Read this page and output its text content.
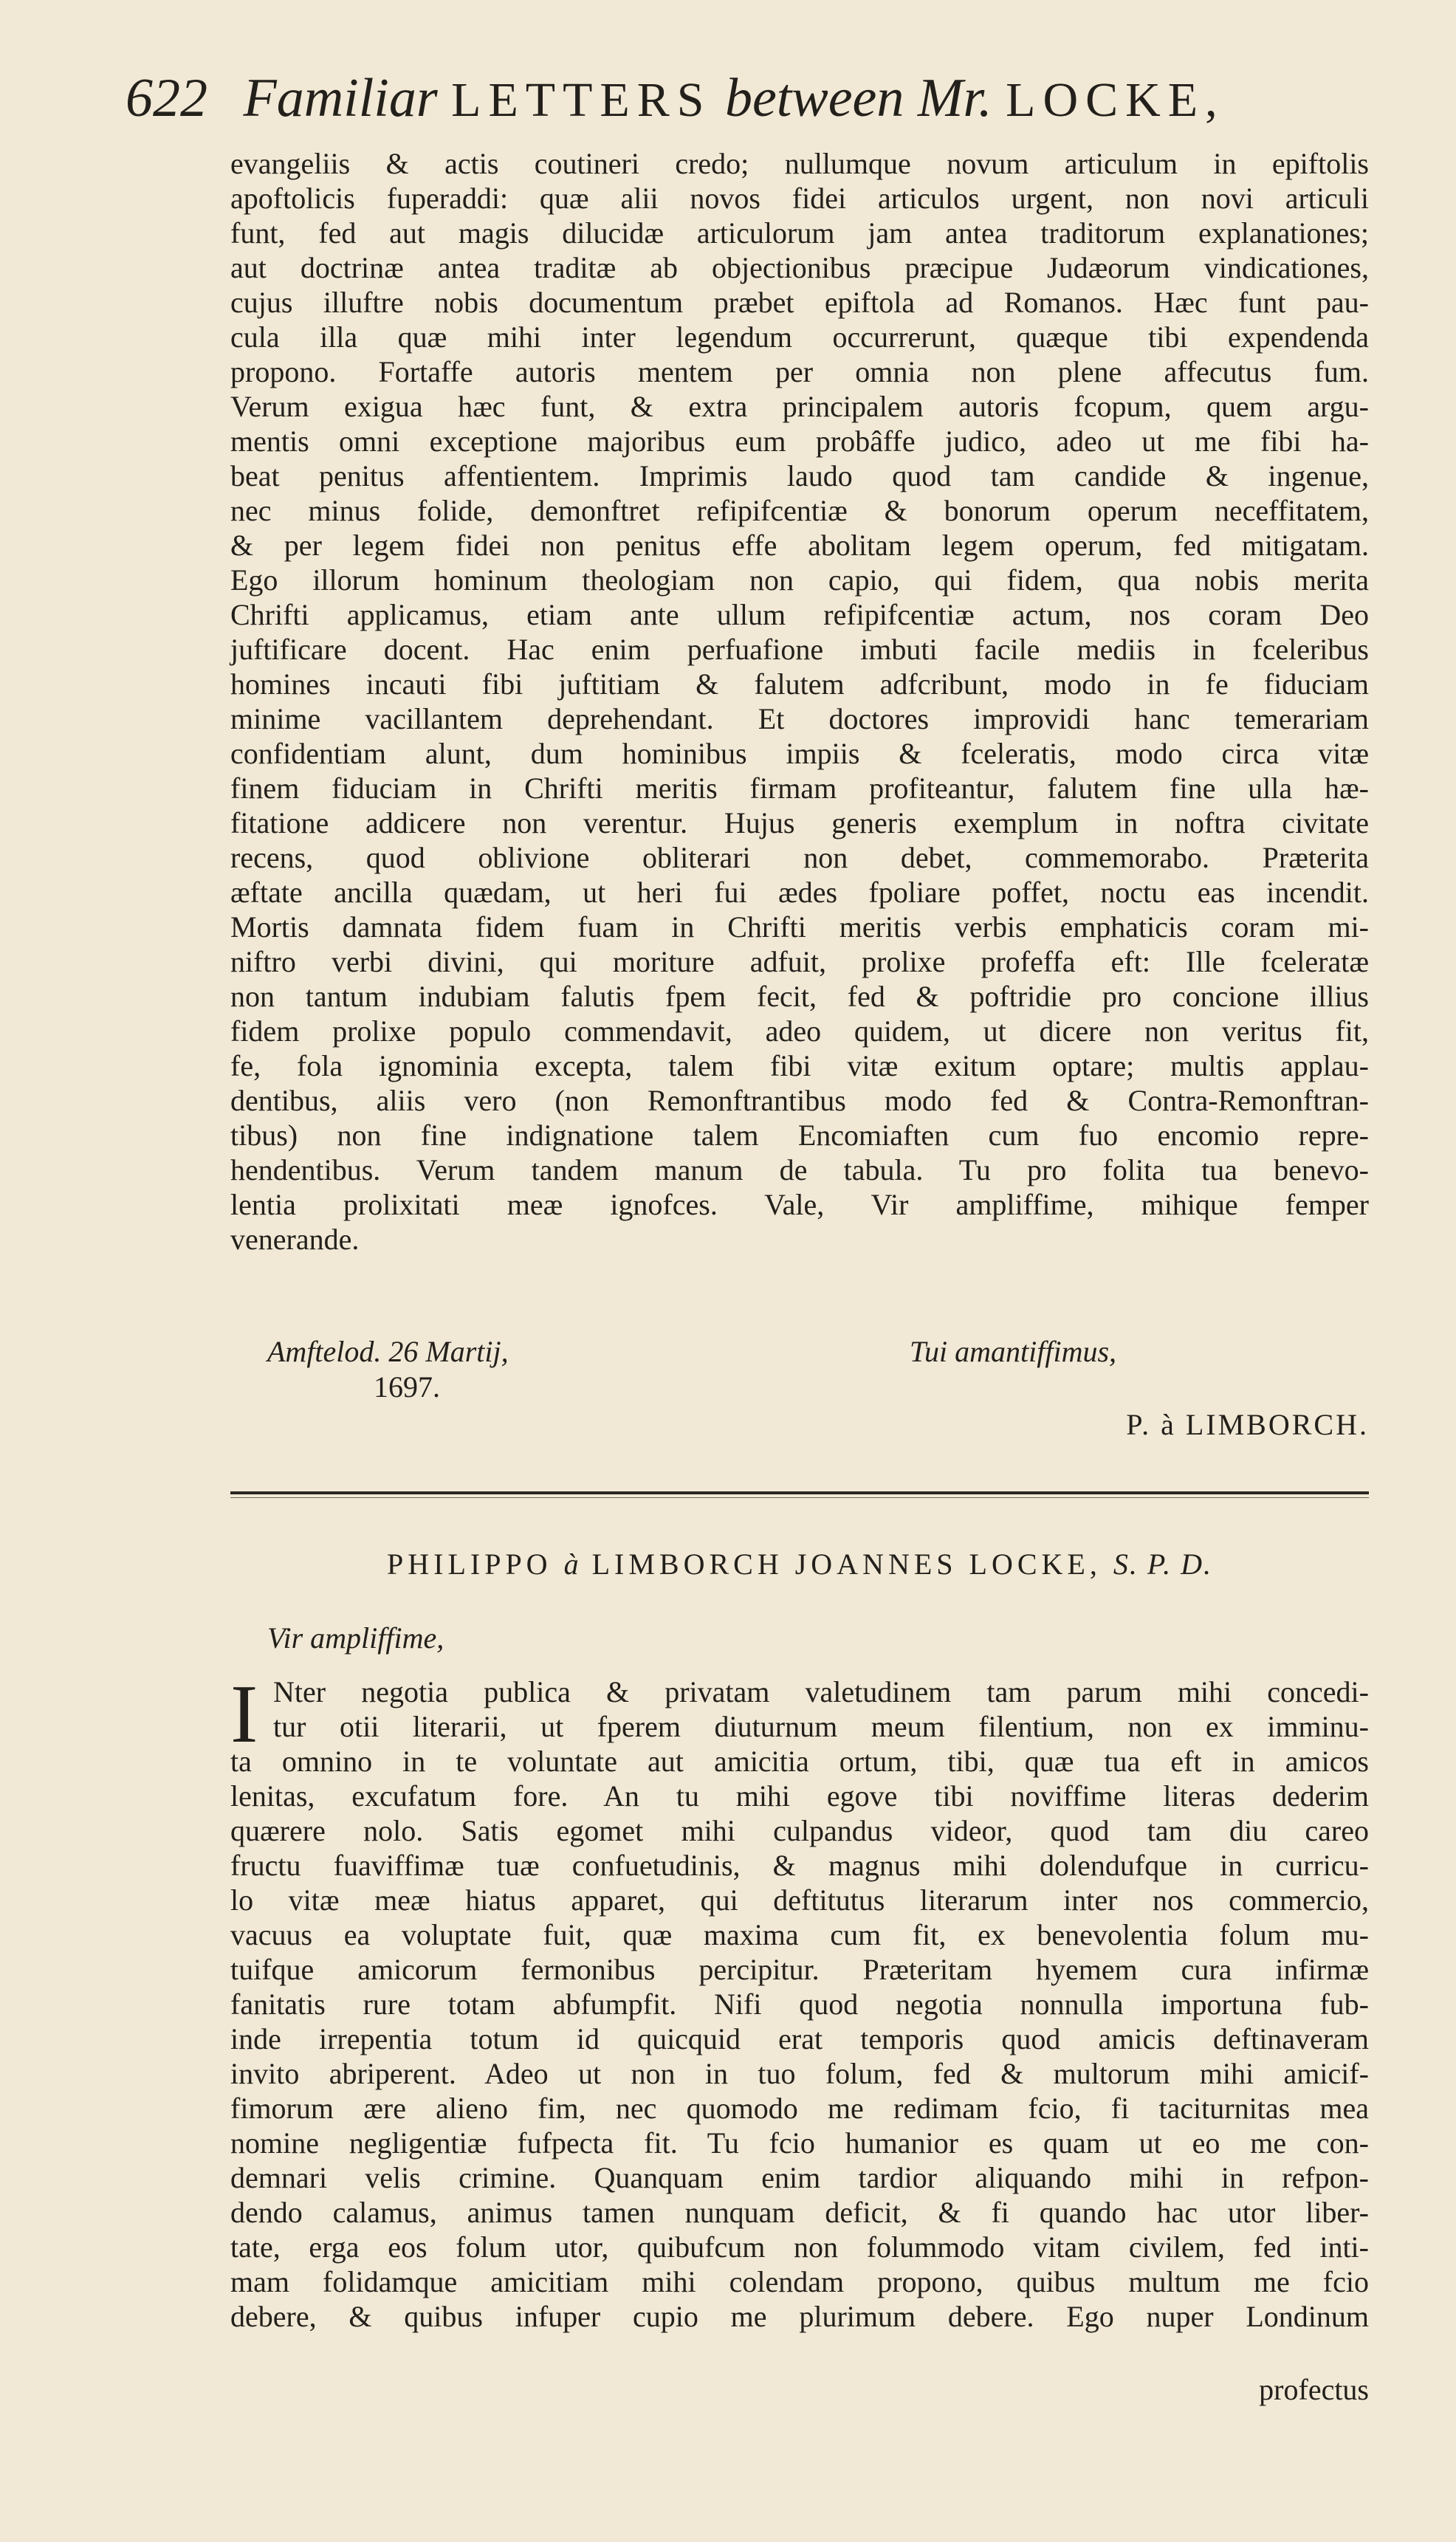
622 Familiar LETTERS between Mr. LOCKE,
evangeliis & actis coutineri credo; nullumque novum articulum in epiftolis
apoftolicis fuperaddi: quæ alii novos fidei articulos urgent, non novi articuli
funt, fed aut magis dilucidæ articulorum jam antea traditorum explanationes;
aut doctrinæ antea traditæ ab objectionibus præcipue Judæorum vindicationes,
cujus illuftre nobis documentum præbet epiftola ad Romanos. Hæc funt pau-
cula illa quæ mihi inter legendum occurrerunt, quæque tibi expendenda
propono. Fortaffe autoris mentem per omnia non plene affecutus fum.
Verum exigua hæc funt, & extra principalem autoris fcopum, quem argu-
mentis omni exceptione majoribus eum probâffe judico, adeo ut me fibi ha-
beat penitus affentientem. Imprimis laudo quod tam candide & ingenue,
nec minus folide, demonftret refipifcentiæ & bonorum operum neceffitatem,
& per legem fidei non penitus effe abolitam legem operum, fed mitigatam.
Ego illorum hominum theologiam non capio, qui fidem, qua nobis merita
Chrifti applicamus, etiam ante ullum refipifcentiæ actum, nos coram Deo
juftificare docent. Hac enim perfuafione imbuti facile mediis in fceleribus
homines incauti fibi juftitiam & falutem adfcribunt, modo in fe fiduciam
minime vacillantem deprehendant. Et doctores improvidi hanc temerariam
confidentiam alunt, dum hominibus impiis & fceleratis, modo circa vitæ
finem fiduciam in Chrifti meritis firmam profiteantur, falutem fine ulla hæ-
fitatione addicere non verentur. Hujus generis exemplum in noftra civitate
recens, quod oblivione obliterari non debet, commemorabo. Præterita
æftate ancilla quædam, ut heri fui ædes fpoliare poffet, noctu eas incendit.
Mortis damnata fidem fuam in Chrifti meritis verbis emphaticis coram mi-
niftro verbi divini, qui moriture adfuit, prolixe profeffa eft: Ille fceleratæ
non tantum indubiam falutis fpem fecit, fed & poftridie pro concione illius
fidem prolixe populo commendavit, adeo quidem, ut dicere non veritus fit,
fe, fola ignominia excepta, talem fibi vitæ exitum optare; multis applau-
dentibus, aliis vero (non Remonftrantibus modo fed & Contra-Remonftran-
tibus) non fine indignatione talem Encomiaften cum fuo encomio repre-
hendentibus. Verum tandem manum de tabula. Tu pro folita tua benevo-
lentia prolixitati meæ ignofces. Vale, Vir ampliffime, mihique femper
venerande.
Amftelod. 26 Martij,
1697.
Tui amantiffimus,
P. à LIMBORCH.
PHILIPPO à LIMBORCH JOANNES LOCKE, S. P. D.
Vir ampliffime,
I Nter negotia publica & privatam valetudinem tam parum mihi concedi-
tur otii literarii, ut fperem diuturnum meum filentium, non ex imminu-
ta omnino in te voluntate aut amicitia ortum, tibi, quæ tua eft in amicos
lenitas, excufatum fore. An tu mihi egove tibi noviffime literas dederim
quærere nolo. Satis egomet mihi culpandus videor, quod tam diu careo
fructu fuaviffimæ tuæ confuetudinis, & magnus mihi dolendufque in curricu-
lo vitæ meæ hiatus apparet, qui deftitutus literarum inter nos commercio,
vacuus ea voluptate fuit, quæ maxima cum fit, ex benevolentia folum mu-
tuifque amicorum fermonibus percipitur. Præteritam hyemem cura infirmæ
fanitatis rure totam abfumpfit. Nifi quod negotia nonnulla importuna fub-
inde irrepentia totum id quicquid erat temporis quod amicis deftinaveram
invito abriperent. Adeo ut non in tuo folum, fed & multorum mihi amicif-
fimorum ære alieno fim, nec quomodo me redimam fcio, fi taciturnitas mea
nomine negligentiæ fufpecta fit. Tu fcio humanior es quam ut eo me con-
demnari velis crimine. Quanquam enim tardior aliquando mihi in refpon-
dendo calamus, animus tamen nunquam deficit, & fi quando hac utor liber-
tate, erga eos folum utor, quibufcum non folummodo vitam civilem, fed inti-
mam folidamque amicitiam mihi colendam propono, quibus multum me fcio
debere, & quibus infuper cupio me plurimum debere. Ego nuper Londinum
profectus
